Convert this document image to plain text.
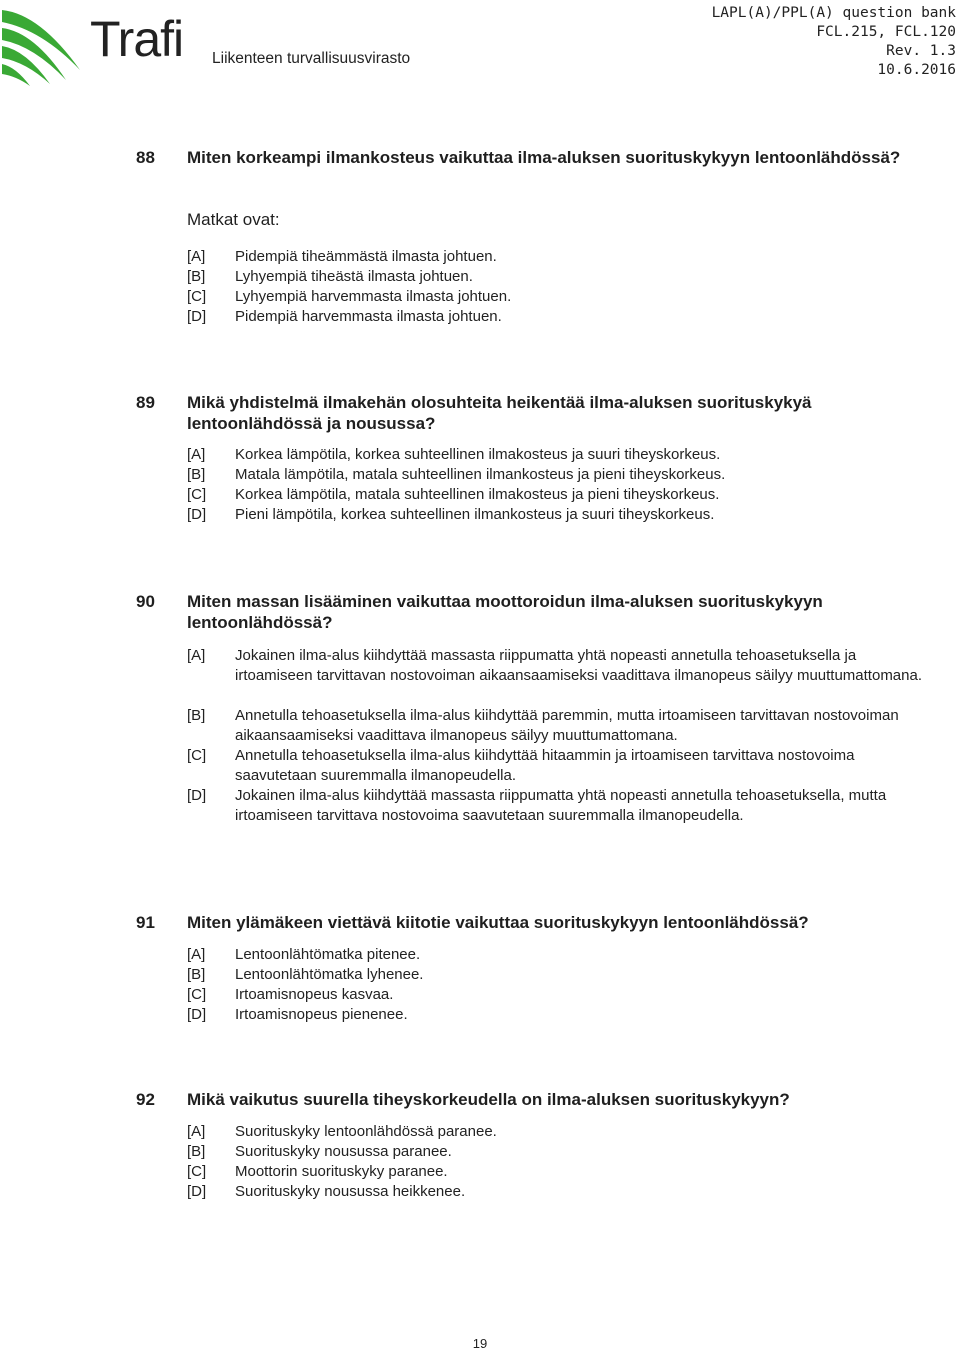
Trafi Liikenteen turvallisuusvirasto
LAPL(A)/PPL(A) question bank
FCL.215, FCL.120
Rev. 1.3
10.6.2016
88 Miten korkeampi ilmankosteus vaikuttaa ilma-aluksen suorituskykyyn lentoonlähdössä?
Matkat ovat:
[A] Pidempiä tiheämmästä ilmasta johtuen.
[B] Lyhyempiä tiheästä ilmasta johtuen.
[C] Lyhyempiä harvemmasta ilmasta johtuen.
[D] Pidempiä harvemmasta ilmasta johtuen.
89 Mikä yhdistelmä ilmakehän olosuhteita heikentää ilma-aluksen suorituskykyä lentoonlähdössä ja nousussa?
[A] Korkea lämpötila, korkea suhteellinen ilmakosteus ja suuri tiheyskorkeus.
[B] Matala lämpötila, matala suhteellinen ilmankosteus ja pieni tiheyskorkeus.
[C] Korkea lämpötila, matala suhteellinen ilmakosteus ja pieni tiheyskorkeus.
[D] Pieni lämpötila, korkea suhteellinen ilmankosteus ja suuri tiheyskorkeus.
90 Miten massan lisääminen vaikuttaa moottoroidun ilma-aluksen suorituskykyyn lentoonlähdössä?
[A] Jokainen ilma-alus kiihdyttää massasta riippumatta yhtä nopeasti annetulla tehoasetuksella ja irtoamiseen tarvittavan nostovoiman aikaansaamiseksi vaadittava ilmanopeus säilyy muuttumattomana.
[B] Annetulla tehoasetuksella ilma-alus kiihdyttää paremmin, mutta irtoamiseen tarvittavan nostovoiman aikaansaamiseksi vaadittava ilmanopeus säilyy muuttumattomana.
[C] Annetulla tehoasetuksella ilma-alus kiihdyttää hitaammin ja irtoamiseen tarvittava nostovoima saavutetaan suuremmalla ilmanopeudella.
[D] Jokainen ilma-alus kiihdyttää massasta riippumatta yhtä nopeasti annetulla tehoasetuksella, mutta irtoamiseen tarvittava nostovoima saavutetaan suuremmalla ilmanopeudella.
91 Miten ylämäkeen viettävä kiitotie vaikuttaa suorituskykyyn lentoonlähdössä?
[A] Lentoonlähtömatka pitenee.
[B] Lentoonlähtömatka lyhenee.
[C] Irtoamisnopeus kasvaa.
[D] Irtoamisnopeus pienenee.
92 Mikä vaikutus suurella tiheyskorkeudella on ilma-aluksen suorituskykyyn?
[A] Suorituskyky lentoonlähdössä paranee.
[B] Suorituskyky nousussa paranee.
[C] Moottorin suorituskyky paranee.
[D] Suorituskyky nousussa heikkenee.
19
